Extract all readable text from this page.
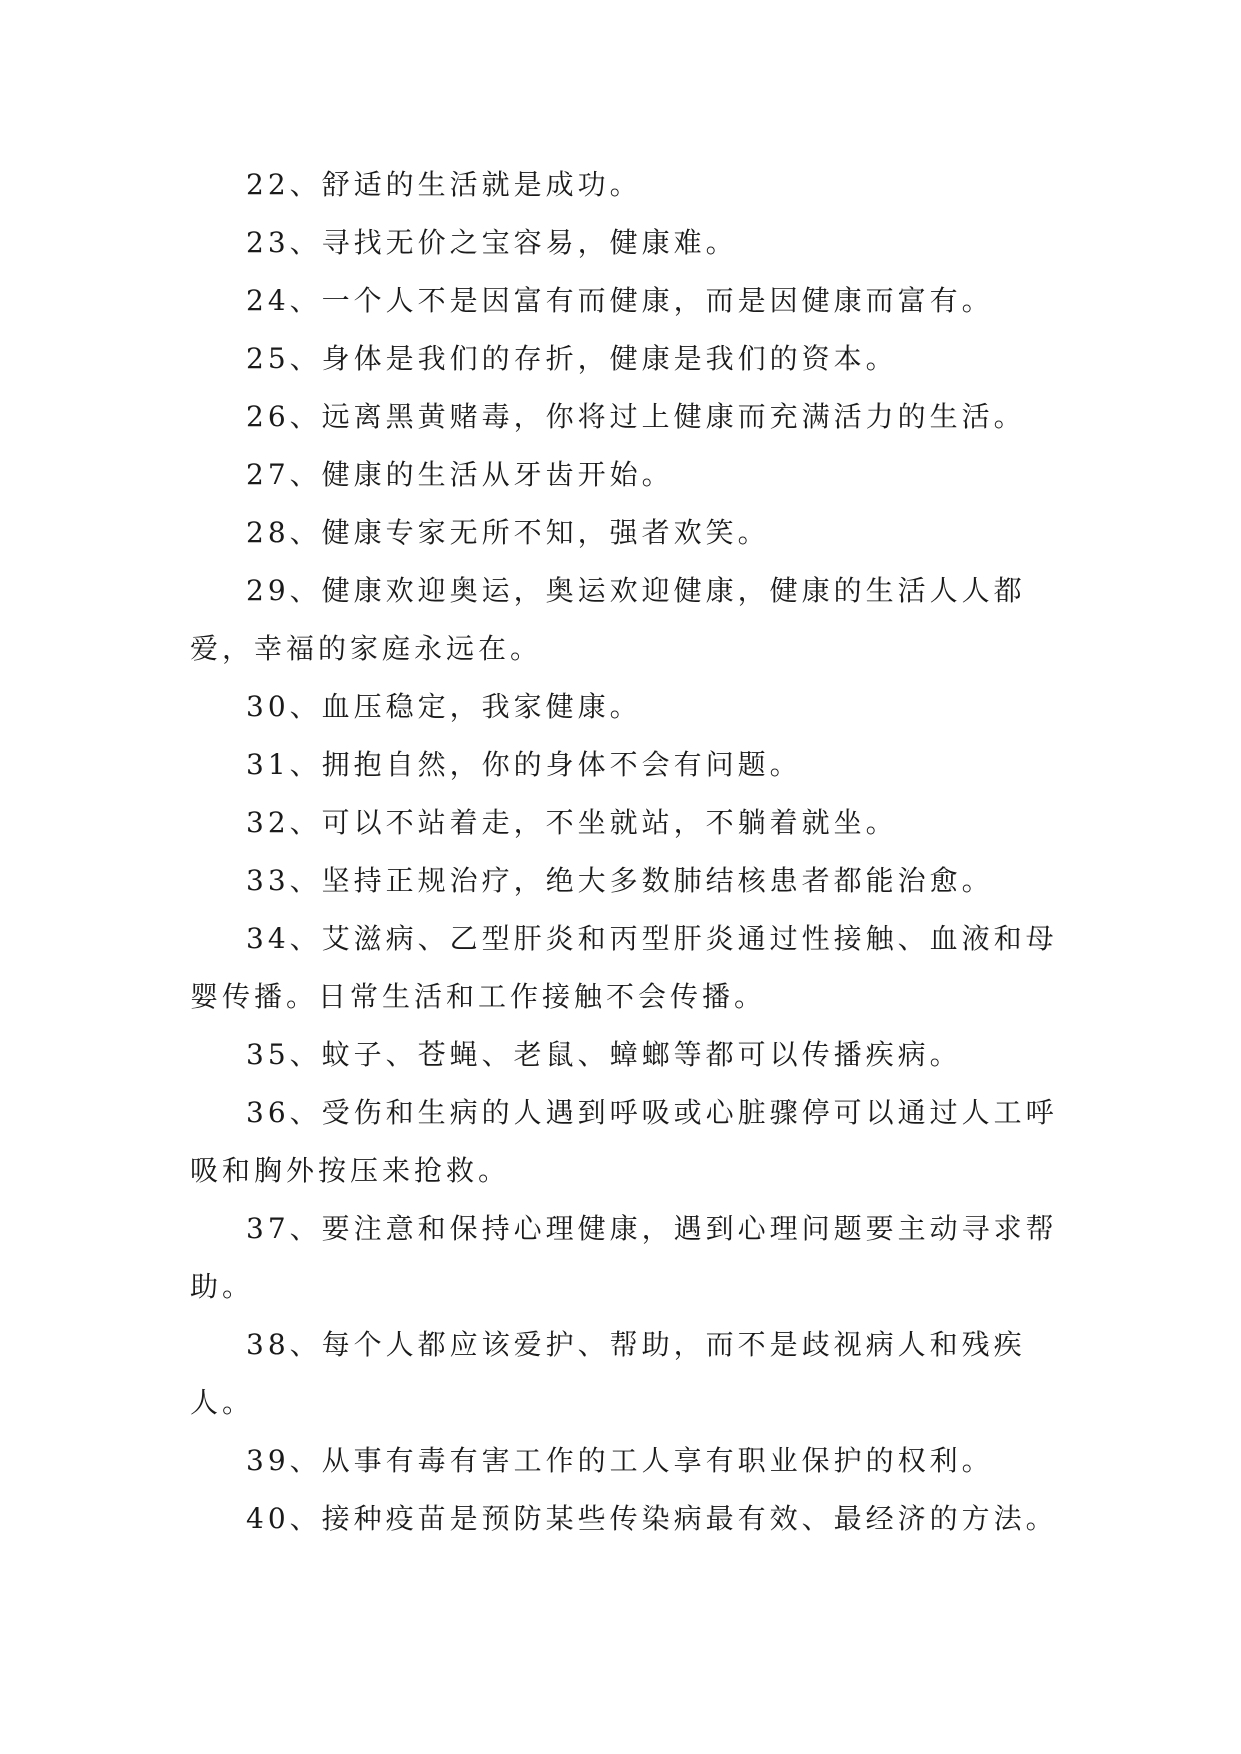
22、舒适的生活就是成功。

23、寻找无价之宝容易，健康难。

24、一个人不是因富有而健康，而是因健康而富有。

25、身体是我们的存折，健康是我们的资本。

26、远离黑黄赌毒，你将过上健康而充满活力的生活。

27、健康的生活从牙齿开始。

28、健康专家无所不知，强者欢笑。

29、健康欢迎奥运，奥运欢迎健康，健康的生活人人都爱，幸福的家庭永远在。

30、血压稳定，我家健康。

31、拥抱自然，你的身体不会有问题。

32、可以不站着走，不坐就站，不躺着就坐。

33、坚持正规治疗，绝大多数肺结核患者都能治愈。

34、艾滋病、乙型肝炎和丙型肝炎通过性接触、血液和母婴传播。日常生活和工作接触不会传播。

35、蚊子、苍蝇、老鼠、蟑螂等都可以传播疾病。

36、受伤和生病的人遇到呼吸或心脏骤停可以通过人工呼吸和胸外按压来抢救。

37、要注意和保持心理健康，遇到心理问题要主动寻求帮助。

38、每个人都应该爱护、帮助，而不是歧视病人和残疾人。

39、从事有毒有害工作的工人享有职业保护的权利。

40、接种疫苗是预防某些传染病最有效、最经济的方法。
